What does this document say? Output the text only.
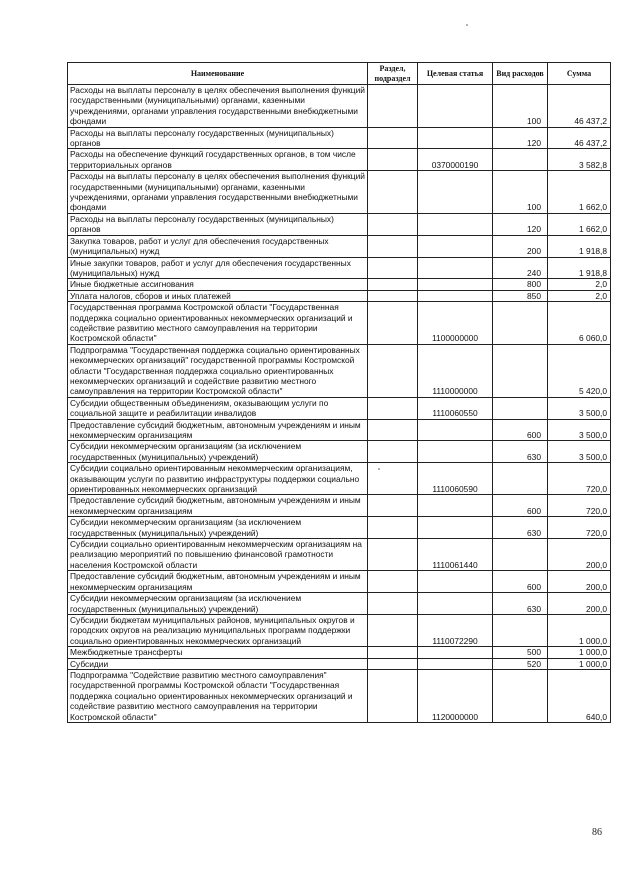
Наименование	Раздел, подраздел	Целевая статья	Вид расходов	Сумма
Расходы на выплаты персоналу в целях обеспечения выполнения функций государственными (муниципальными) органами, казенными учреждениями, органами управления государственными внебюджетными фондами			100	46 437,2
Расходы на выплаты персоналу государственных (муниципальных) органов			120	46 437,2
Расходы на обеспечение функций государственных органов, в том числе территориальных органов		0370000190		3 582,8
Расходы на выплаты персоналу в целях обеспечения выполнения функций государственными (муниципальными) органами, казенными учреждениями, органами управления государственными внебюджетными фондами			100	1 662,0
Расходы на выплаты персоналу государственных (муниципальных) органов			120	1 662,0
Закупка товаров, работ и услуг для обеспечения государственных (муниципальных) нужд			200	1 918,8
Иные закупки товаров, работ и услуг для обеспечения государственных (муниципальных) нужд			240	1 918,8
Иные бюджетные ассигнования			800	2,0
Уплата налогов, сборов и иных платежей			850	2,0
Государственная программа Костромской области "Государственная поддержка социально ориентированных некоммерческих организаций и содействие развитию местного самоуправления на территории Костромской области"		1100000000		6 060,0
Подпрограмма "Государственная поддержка социально ориентированных некоммерческих организаций" государственной программы Костромской области "Государственная поддержка социально ориентированных некоммерческих организаций и содействие развитию местного самоуправления на территории Костромской области"		1110000000		5 420,0
Субсидии общественным объединениям, оказывающим услуги по социальной защите и реабилитации инвалидов		1110060550		3 500,0
Предоставление субсидий бюджетным, автономным учреждениям и иным некоммерческим организациям			600	3 500,0
Субсидии некоммерческим организациям (за исключением государственных (муниципальных) учреждений)			630	3 500,0
Субсидии социально ориентированным некоммерческим организациям, оказывающим услуги по развитию инфраструктуры поддержки социально ориентированных некоммерческих организаций		1110060590		720,0
Предоставление субсидий бюджетным, автономным учреждениям и иным некоммерческим организациям			600	720,0
Субсидии некоммерческим организациям (за исключением государственных (муниципальных) учреждений)			630	720,0
Субсидии социально ориентированным некоммерческим организациям на реализацию мероприятий по повышению финансовой грамотности населения Костромской области		1110061440		200,0
Предоставление субсидий бюджетным, автономным учреждениям и иным некоммерческим организациям			600	200,0
Субсидии некоммерческим организациям (за исключением государственных (муниципальных) учреждений)			630	200,0
Субсидии бюджетам муниципальных районов, муниципальных округов и городских округов на реализацию муниципальных программ поддержки социально ориентированных некоммерческих организаций		1110072290		1 000,0
Межбюджетные трансферты			500	1 000,0
Субсидии			520	1 000,0
Подпрограмма "Содействие развитию местного самоуправления" государственной программы Костромской области "Государственная поддержка социально ориентированных некоммерческих организаций и содействие развитию местного самоуправления на территории Костромской области"		1120000000		640,0
86
